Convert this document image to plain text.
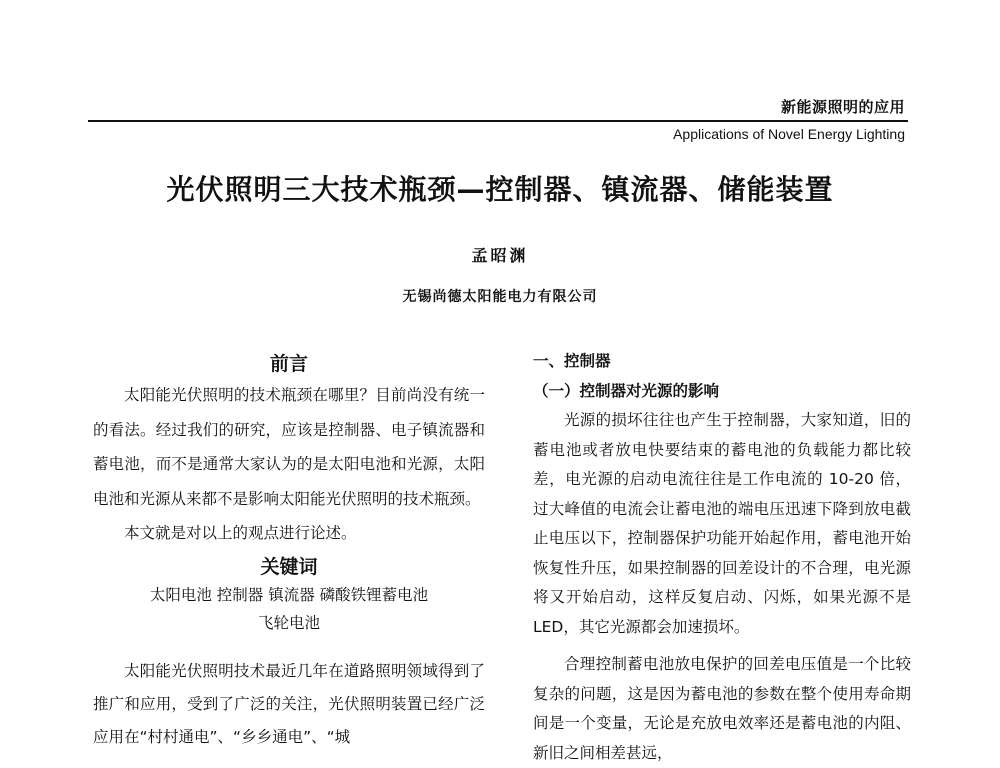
新能源照明的应用
Applications of Novel Energy Lighting
光伏照明三大技术瓶颈—控制器、镇流器、储能装置
孟昭渊
无锡尚德太阳能电力有限公司
前言

太阳能光伏照明的技术瓶颈在哪里？目前尚没有统一的看法。经过我们的研究，应该是控制器、电子镇流器和蓄电池，而不是通常大家认为的是太阳电池和光源，太阳电池和光源从来都不是影响太阳能光伏照明的技术瓶颈。

本文就是对以上的观点进行论述。

关键词

太阳电池 控制器 镇流器 磷酸铁锂蓄电池

飞轮电池

太阳能光伏照明技术最近几年在道路照明领域得到了推广和应用，受到了广泛的关注，光伏照明装置已经广泛应用在“村村通电”、“乡乡通电”、“城

一、控制器
（一）控制器对光源的影响

光源的损坏往往也产生于控制器，大家知道，旧的蓄电池或者放电快要结束的蓄电池的负载能力都比较差，电光源的启动电流往往是工作电流的 10-20 倍，过大峰值的电流会让蓄电池的端电压迅速下降到放电截止电压以下，控制器保护功能开始起作用，蓄电池开始恢复性升压，如果控制器的回差设计的不合理，电光源将又开始启动，这样反复启动、闪烁，如果光源不是 LED，其它光源都会加速损坏。

合理控制蓄电池放电保护的回差电压值是一个比较复杂的问题，这是因为蓄电池的参数在整个使用寿命期间是一个变量，无论是充放电效率还是蓄电池的内阻、新旧之间相差甚远，
